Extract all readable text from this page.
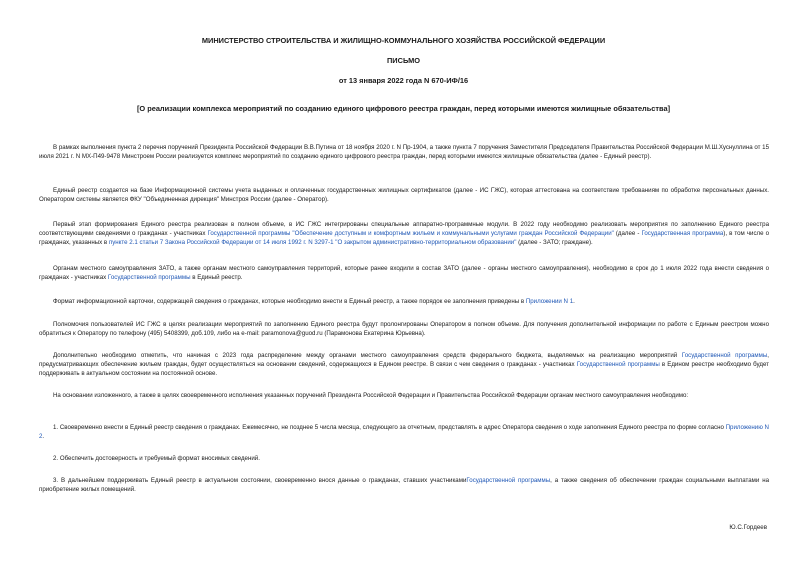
МИНИСТЕРСТВО СТРОИТЕЛЬСТВА И ЖИЛИЩНО-КОММУНАЛЬНОГО ХОЗЯЙСТВА РОССИЙСКОЙ ФЕДЕРАЦИИ
ПИСЬМО
от 13 января 2022 года N 670-ИФ/16
[О реализации комплекса мероприятий по созданию единого цифрового реестра граждан, перед которыми имеются жилищные обязательства]

В рамках выполнения пункта 2 перечня поручений Президента Российской Федерации В.В.Путина от 18 ноября 2020 г. N Пр-1904, а также пункта 7 поручения Заместителя Председателя Правительства Российской Федерации М.Ш.Хуснуллина от 15 июля 2021 г. N МХ-П49-9478 Минстроем России реализуется комплекс мероприятий по созданию единого цифрового реестра граждан, перед которыми имеются жилищные обязательства (далее - Единый реестр).

Единый реестр создается на базе Информационной системы учета выданных и оплаченных государственных жилищных сертификатов (далее - ИС ГЖС), которая аттестована на соответствие требованиям по обработке персональных данных. Оператором системы является ФКУ "Объединенная дирекция" Минстроя России (далее - Оператор).

Первый этап формирования Единого реестра реализован в полном объеме, в ИС ГЖС интегрированы специальные аппаратно-программные модули. В 2022 году необходимо реализовать мероприятия по заполнению Единого реестра соответствующими сведениями о гражданах - участниках Государственной программы "Обеспечение доступным и комфортным жильем и коммунальными услугами граждан Российской Федерации" (далее - Государственная программа), в том числе о гражданах, указанных в пункте 2.1 статьи 7 Закона Российской Федерации от 14 июля 1992 г. N 3297-1 "О закрытом административно-территориальном образовании" (далее - ЗАТО; граждане).

Органам местного самоуправления ЗАТО, а также органам местного самоуправления территорий, которые ранее входили в состав ЗАТО (далее - органы местного самоуправления), необходимо в срок до 1 июля 2022 года внести сведения о гражданах - участниках Государственной программы в Единый реестр.

Формат информационной карточки, содержащей сведения о гражданах, которые необходимо внести в Единый реестр, а также порядок ее заполнения приведены в Приложении N 1.

Полномочия пользователей ИС ГЖС в целях реализации мероприятий по заполнению Единого реестра будут пролонгированы Оператором в полном объеме. Для получения дополнительной информации по работе с Единым реестром можно обратиться к Оператору по телефону (495) 5408399, доб.109, либо на e-mail: paramonova@guod.ru (Парамонова Екатерина Юрьевна).

Дополнительно необходимо отметить, что начиная с 2023 года распределение между органами местного самоуправления средств федерального бюджета, выделяемых на реализацию мероприятий Государственной программы, предусматривающих обеспечение жильем граждан, будет осуществляться на основании сведений, содержащихся в Едином реестре. В связи с чем сведения о гражданах - участниках Государственной программы в Едином реестре необходимо будет поддерживать в актуальном состоянии на постоянной основе.

На основании изложенного, а также в целях своевременного исполнения указанных поручений Президента Российской Федерации и Правительства Российской Федерации органам местного самоуправления необходимо:

1. Своевременно внести в Единый реестр сведения о гражданах. Ежемесячно, не позднее 5 числа месяца, следующего за отчетным, представлять в адрес Оператора сведения о ходе заполнения Единого реестра по форме согласно Приложению N 2.

2. Обеспечить достоверность и требуемый формат вносимых сведений.

3. В дальнейшем поддерживать Единый реестр в актуальном состоянии, своевременно внося данные о гражданах, ставших участникамиГосударственной программы, а также сведения об обеспечении граждан социальными выплатами на приобретение жилых помещений.

Ю.С.Гордеев
